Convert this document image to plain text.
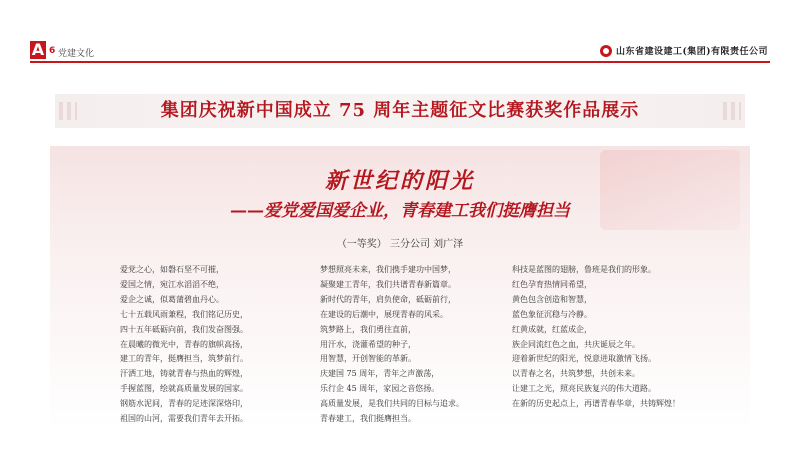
A 6 党建文化	山东省建设建工(集团)有限责任公司
集团庆祝新中国成立 75 周年主题征文比赛获奖作品展示
新世纪的阳光
——爱党爱国爱企业，青春建工我们挺膺担当
（一等奖） 三分公司 刘广泽
爱党之心，如磐石坚不可摧，
爱国之情，宛江水滔滔不绝，
爱企之诚，似葛蒲碧血丹心。
七十五载风雨兼程，我们铭记历史，
四十五年砥砺向前，我们发奋图强。
在晨曦的微光中，青春的旗帜高扬，
建工的青年，挺膺担当，筑梦前行。
汗洒工地，铸就青春与热血的辉煌，
手握蓝图，绘就高质量发展的国家。
钢筋水泥间，青春的足迹深深烙印，
祖国的山河，需要我们青年去开拓。
梦想照亮未来，我们携手建功中国梦，
凝聚建工青年，我们共谱青春新篇章。
新时代的青年，肩负使命，砥砺前行，
在建设的后潮中，展现青春的风采。
筑梦路上，我们勇往直前，
用汗水，浇灌希望的种子，
用智慧，开创智能的革新。
庆建国 75 周年，青年之声激荡，
乐行企 45 周年，家园之音悠扬。
高质量发展，是我们共同的目标与追求。
青春建工，我们挺膺担当。
科技是蓝图的翅膀，鲁班是我们的形象。
红色孕育热情同希望，
黄色包含创造和智慧，
蓝色象征沉稳与冷静。
红黄成就，红蓝成企，
族企同流红色之血，共庆诞辰之年。
迎着新世纪的阳光，悦意进取激情飞扬。
以青春之名，共筑梦想，共创未来。
让建工之光，照亮民族复兴的伟大道路。
在新的历史起点上，再谱青春华章，共铸辉煌！
